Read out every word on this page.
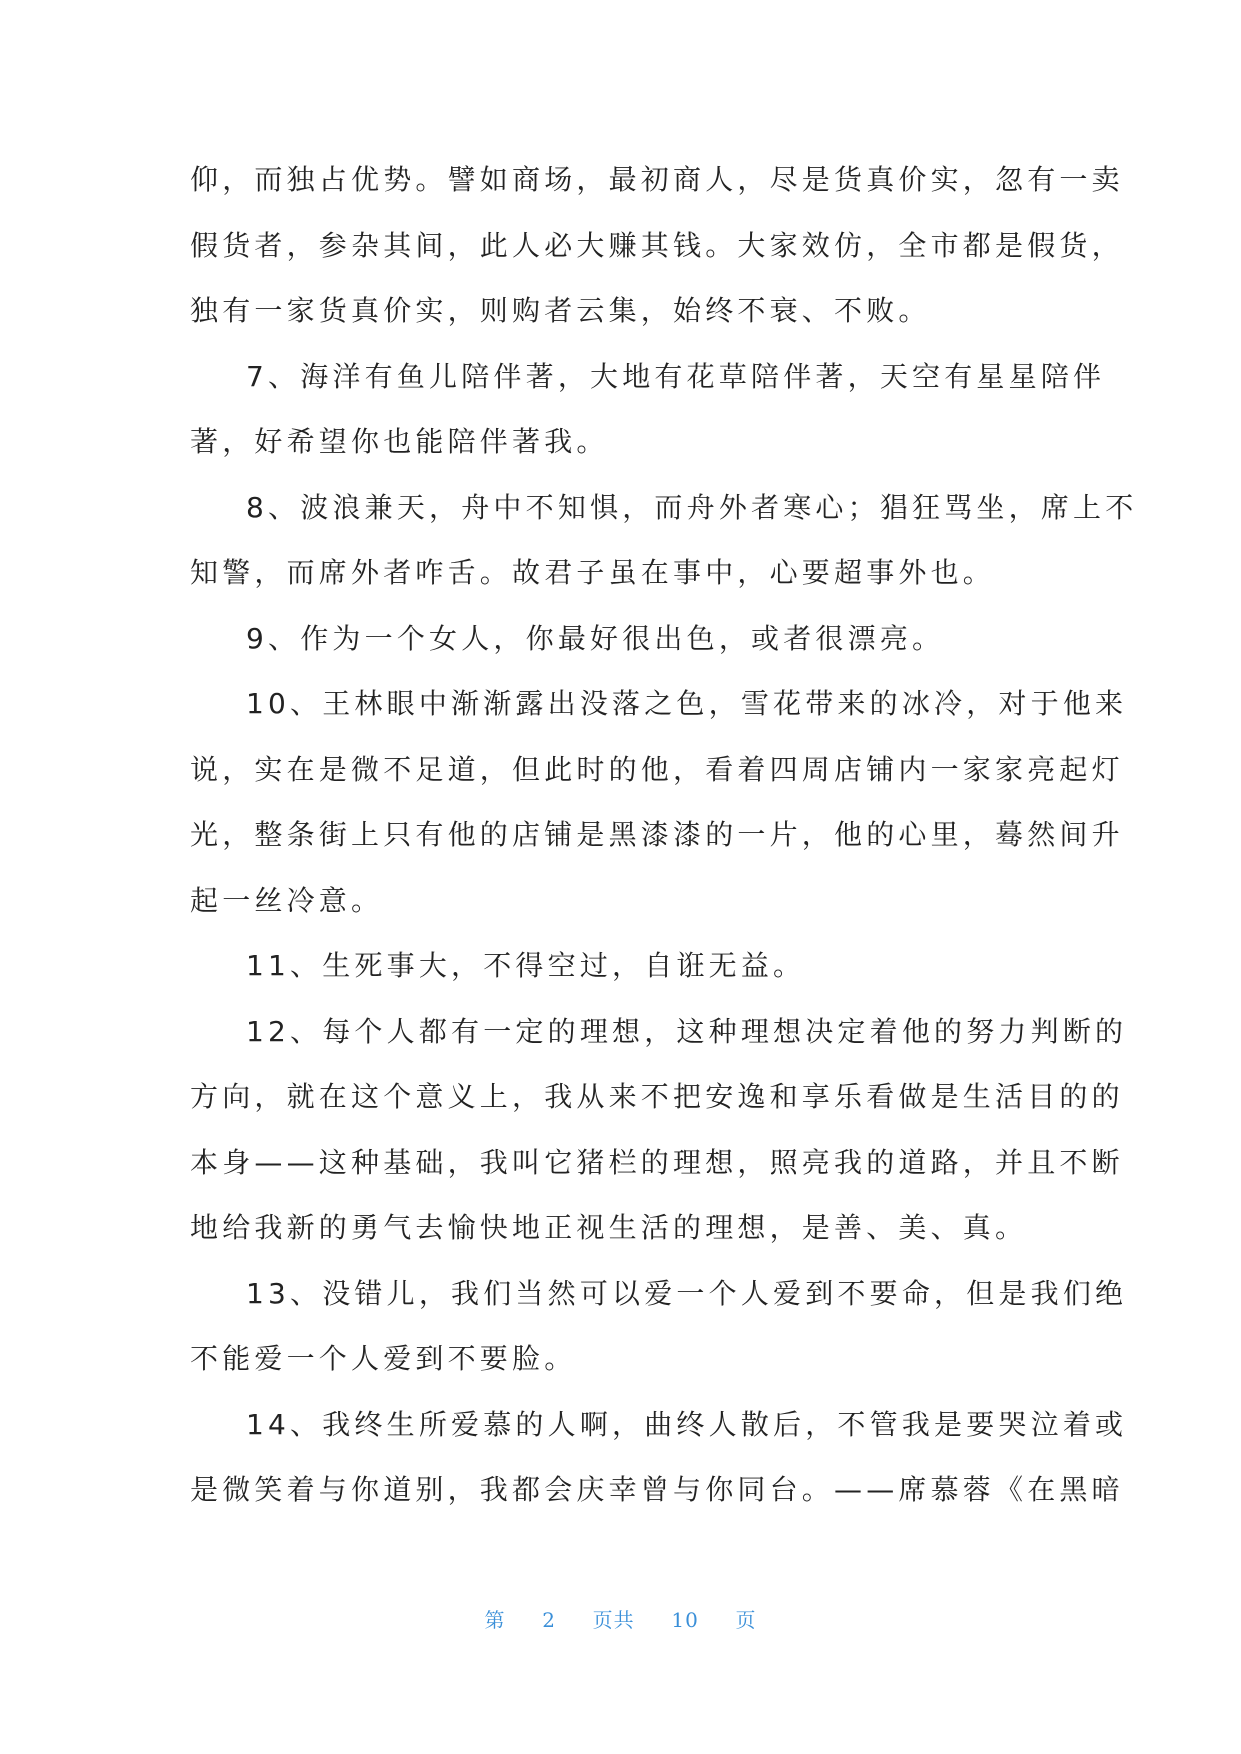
仰，而独占优势。譬如商场，最初商人，尽是货真价实，忽有一卖
假货者，参杂其间，此人必大赚其钱。大家效仿，全市都是假货，
独有一家货真价实，则购者云集，始终不衰、不败。
7、海洋有鱼儿陪伴著，大地有花草陪伴著，天空有星星陪伴
著，好希望你也能陪伴著我。
8、波浪兼天，舟中不知惧，而舟外者寒心；猖狂骂坐，席上不
知警，而席外者咋舌。故君子虽在事中，心要超事外也。
9、作为一个女人，你最好很出色，或者很漂亮。
10、王林眼中渐渐露出没落之色，雪花带来的冰冷，对于他来
说，实在是微不足道，但此时的他，看着四周店铺内一家家亮起灯
光，整条街上只有他的店铺是黑漆漆的一片，他的心里，蓦然间升
起一丝冷意。
11、生死事大，不得空过，自诳无益。
12、每个人都有一定的理想，这种理想决定着他的努力判断的
方向，就在这个意义上，我从来不把安逸和享乐看做是生活目的的
本身——这种基础，我叫它猪栏的理想，照亮我的道路，并且不断
地给我新的勇气去愉快地正视生活的理想，是善、美、真。
13、没错儿，我们当然可以爱一个人爱到不要命，但是我们绝
不能爱一个人爱到不要脸。
14、我终生所爱慕的人啊，曲终人散后，不管我是要哭泣着或
是微笑着与你道别，我都会庆幸曾与你同台。——席慕蓉《在黑暗
第 2 页共 10 页
